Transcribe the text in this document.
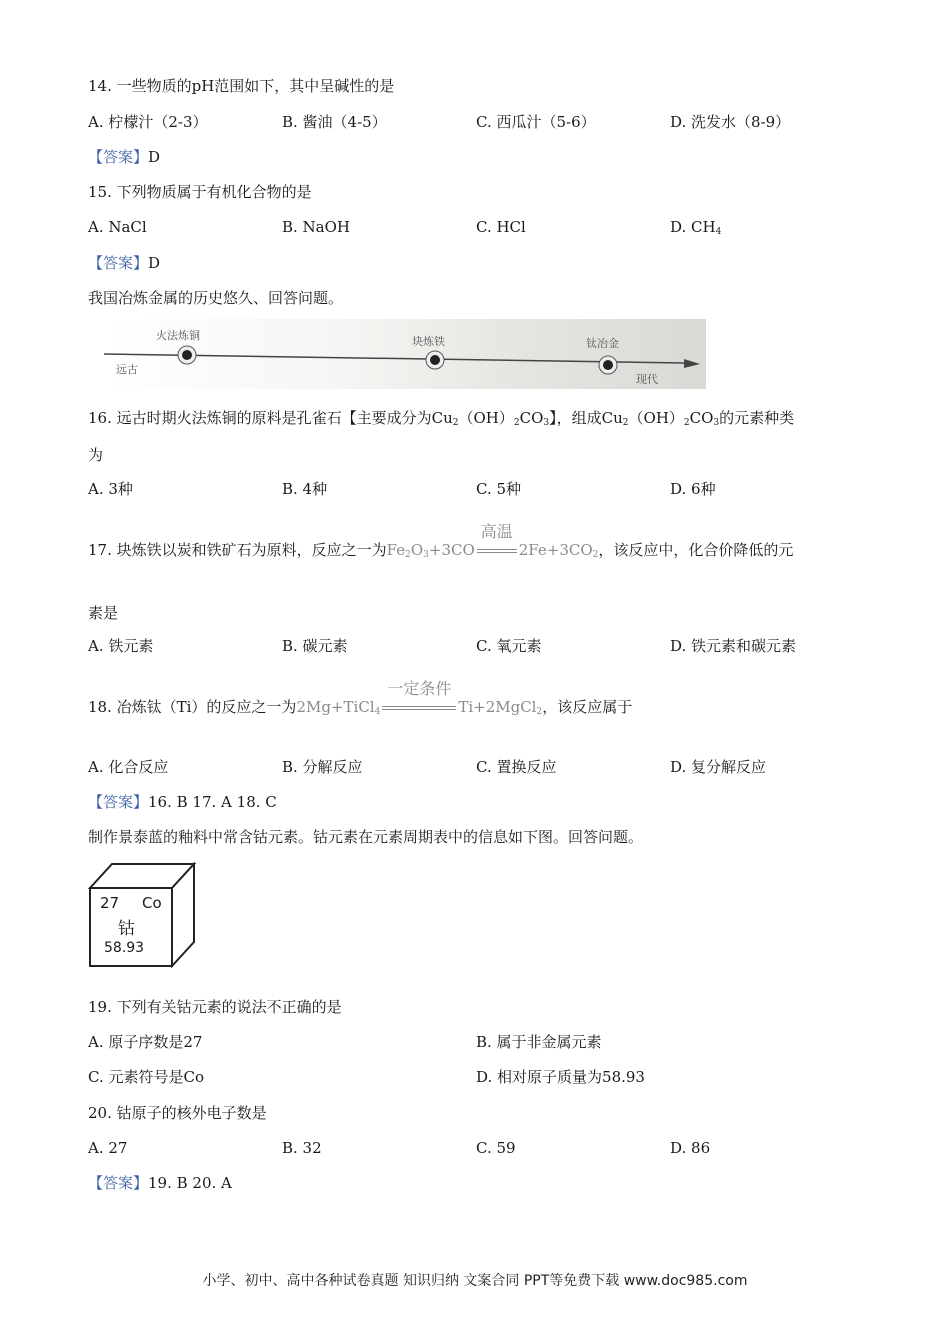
14. 一些物质的pH范围如下，其中呈碱性的是
A. 柠檬汁（2-3）	B. 酱油（4-5）	C. 西瓜汁（5-6）	D. 洗发水（8-9）
【答案】D
15. 下列物质属于有机化合物的是
A. NaCl	B. NaOH	C. HCl	D. $CH_4$
【答案】D
我国冶炼金属的历史悠久、回答问题。
火法炼铜	块炼铁	钛冶金
远古
现代
16. 远古时期火法炼铜的原料是孔雀石【主要成分为$Cu_2(OH)_2CO_3$】，组成$Cu_2(OH)_2CO_3$的元素种类
为
A. 3种	B. 4种	C. 5种	D. 6种
17. 块炼铁以炭和铁矿石为原料，反应之一为$Fe_2O_3+3CO$
高温
$2Fe+3CO_2$，该反应中，化合价降低的元
素是
A. 铁元素	B. 碳元素	C. 氧元素	D. 铁元素和碳元素
18. 冶炼钛（Ti）的反应之一为2Mg+TiCl$_4$
一定条件
Ti+2MgCl$_2$，该反应属于
A. 化合反应	B. 分解反应	C. 置换反应	D. 复分解反应
【答案】16. B 17. A 18. C
制作景泰蓝的釉料中常含钴元素。钴元素在元素周期表中的信息如下图。回答问题。
27 Co
钴
58.93
19. 下列有关钴元素的说法不正确的是
A. 原子序数是27	B. 属于非金属元素
C. 元素符号是Co	D. 相对原子质量为58.93
20. 钴原子的核外电子数是
A. 27	B. 32	C. 59	D. 86
【答案】19. B 20. A
小学、初中、高中各种试卷真题 知识归纳 文案合同 PPT等免费下载 www.doc985.com
